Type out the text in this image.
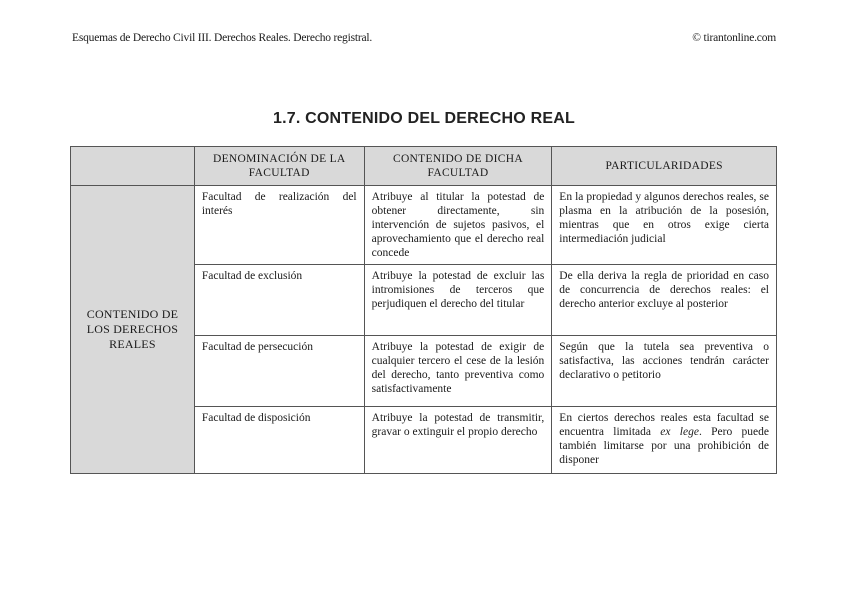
Esquemas de Derecho Civil III. Derechos Reales. Derecho registral.	© tirantonline.com
1.7. CONTENIDO DEL DERECHO REAL
	DENOMINACIÓN DE LA FACULTAD	CONTENIDO DE DICHA FACULTAD	PARTICULARIDADES
CONTENIDO DE LOS DERECHOS REALES	Facultad de realización del interés	Atribuye al titular la potestad de obtener directamente, sin intervención de sujetos pasivos, el aprovechamiento que el derecho real concede	En la propiedad y algunos derechos reales, se plasma en la atribución de la posesión, mientras que en otros exige cierta intermediación judicial
	Facultad de exclusión	Atribuye la potestad de excluir las intromisiones de terceros que perjudiquen el derecho del titular	De ella deriva la regla de prioridad en caso de concurrencia de derechos reales: el derecho anterior excluye al posterior
	Facultad de persecución	Atribuye la potestad de exigir de cualquier tercero el cese de la lesión del derecho, tanto preventiva como satisfactivamente	Según que la tutela sea preventiva o satisfactiva, las acciones tendrán carácter declarativo o petitorio
	Facultad de disposición	Atribuye la potestad de transmitir, gravar o extinguir el propio derecho	En ciertos derechos reales esta facultad se encuentra limitada ex lege. Pero puede también limitarse por una prohibición de disponer
